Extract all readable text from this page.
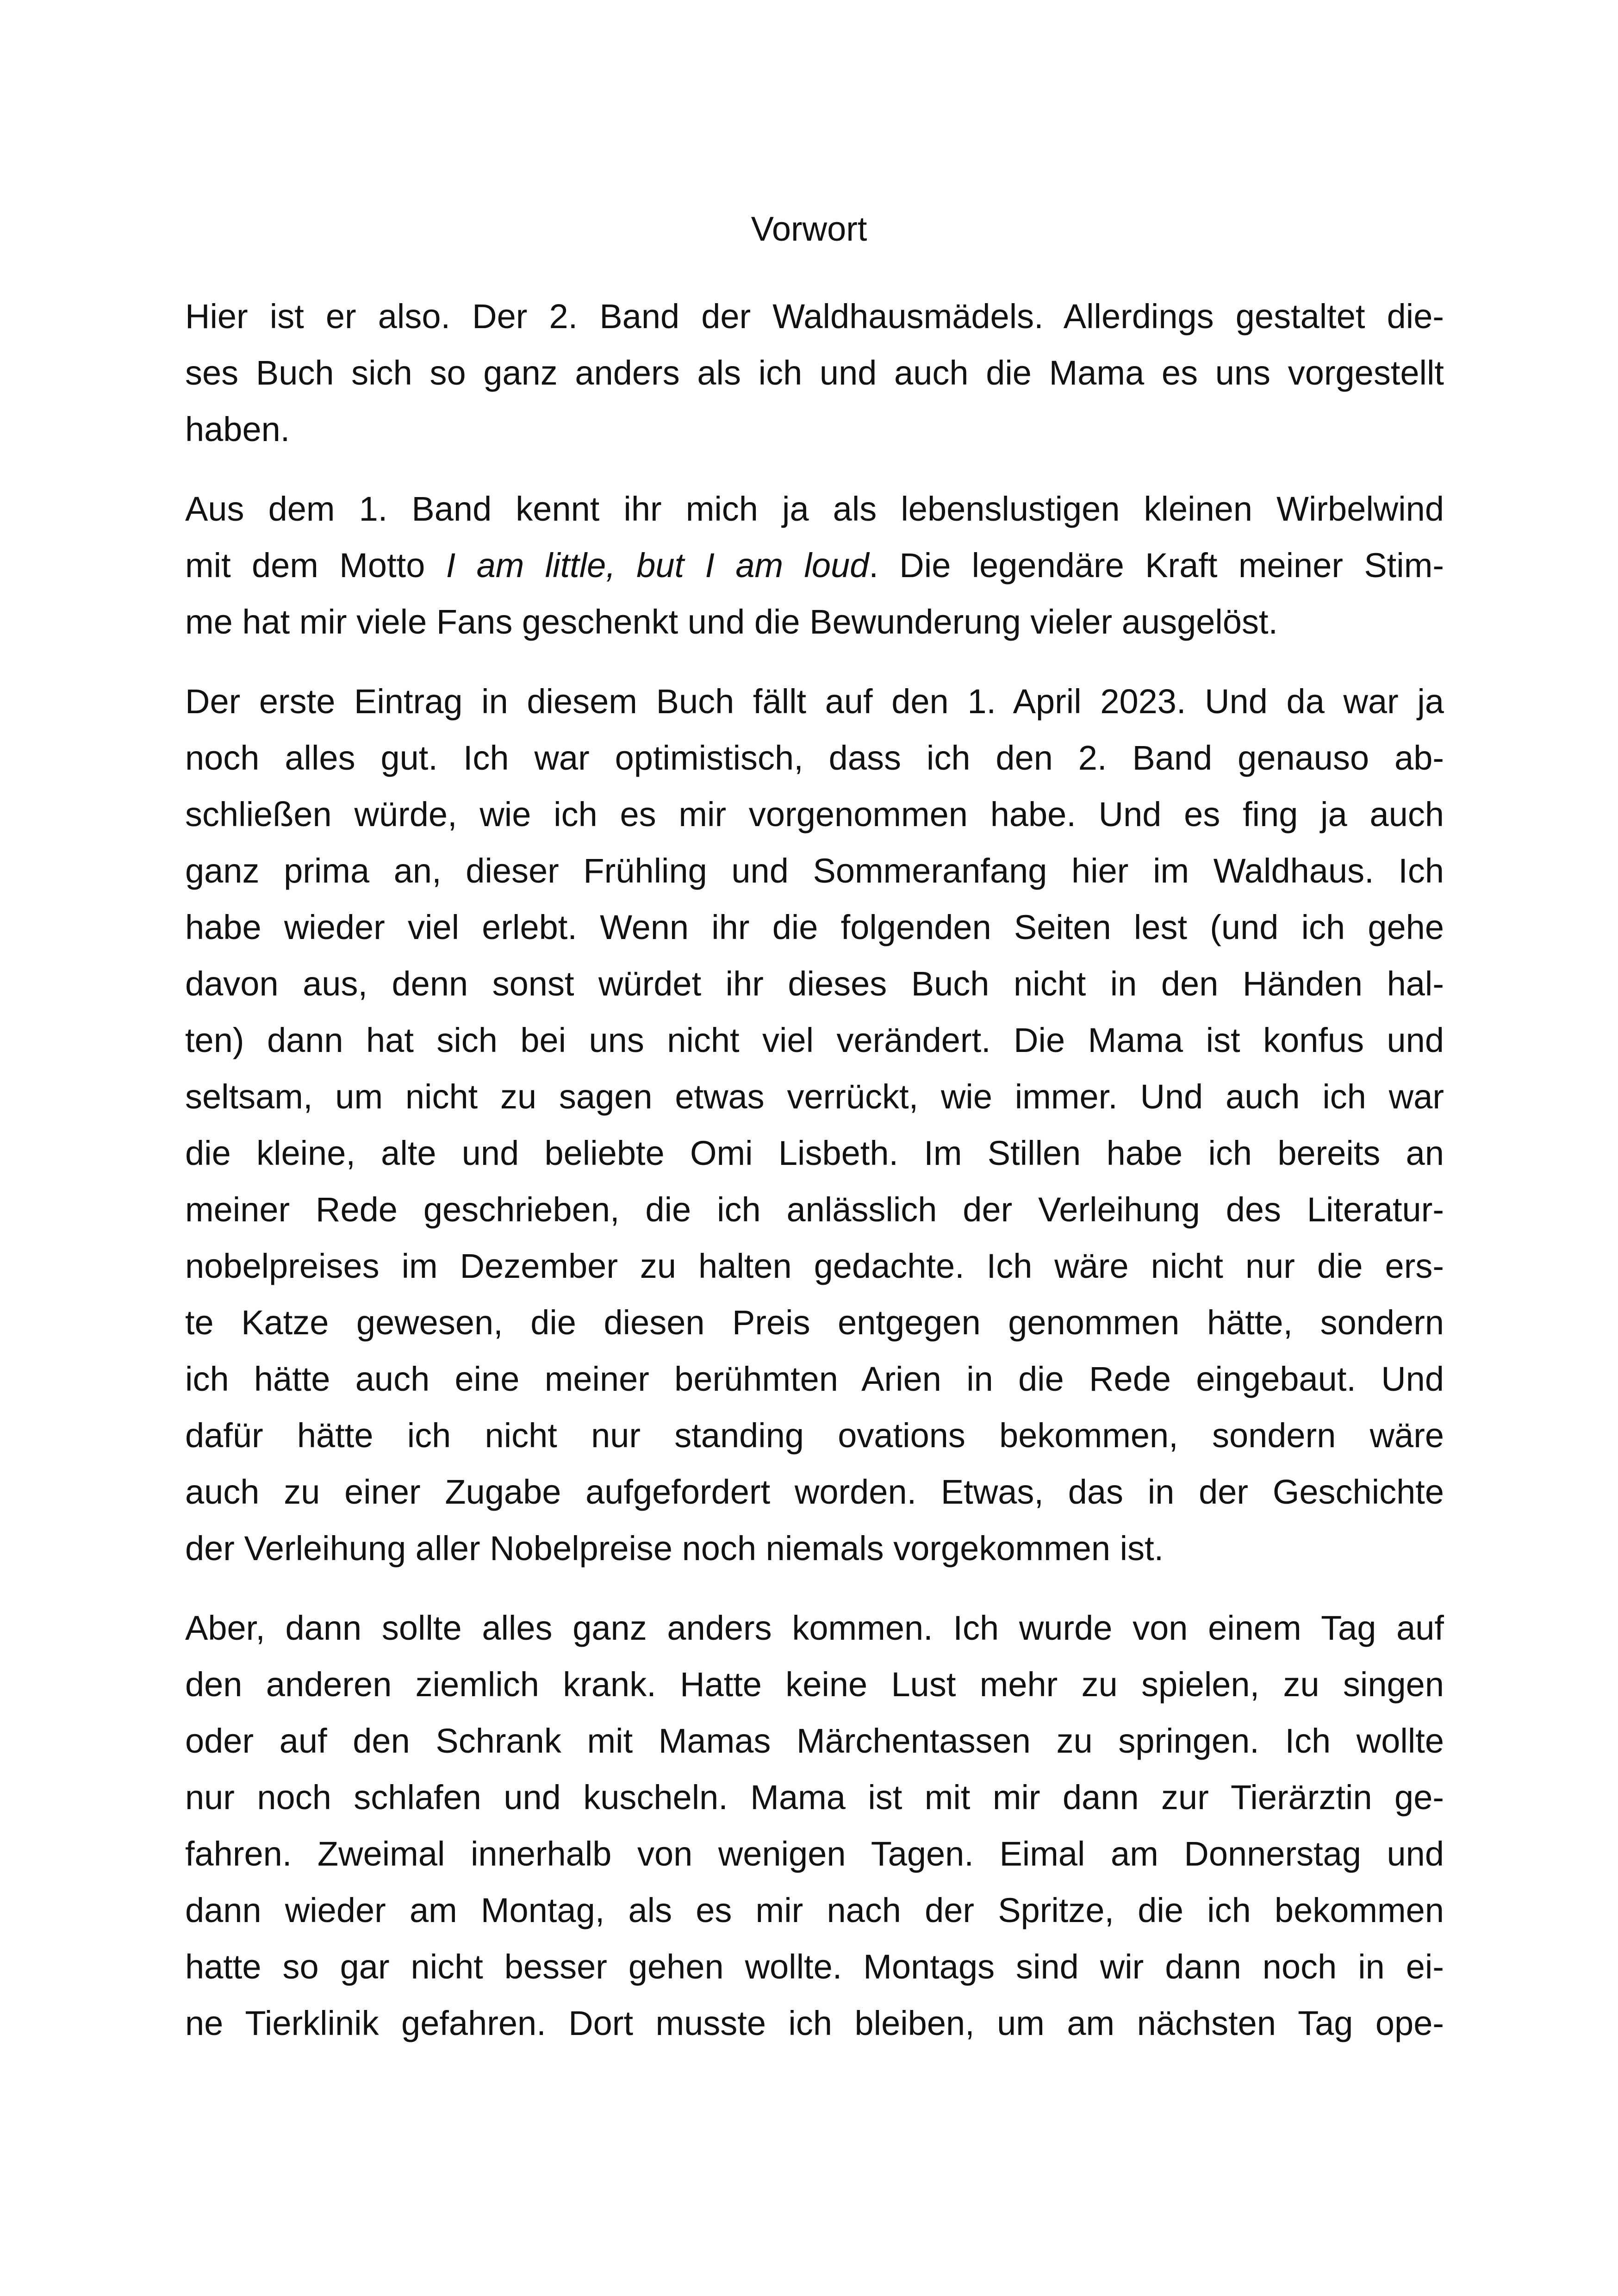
Vorwort
Hier ist er also. Der 2. Band der Waldhausmädels. Allerdings gestaltet die-
ses Buch sich so ganz anders als ich und auch die Mama es uns vorgestellt
haben.
Aus dem 1. Band kennt ihr mich ja als lebenslustigen kleinen Wirbelwind
mit dem Motto I am little, but I am loud. Die legendäre Kraft meiner Stim-
me hat mir viele Fans geschenkt und die Bewunderung vieler ausgelöst.
Der erste Eintrag in diesem Buch fällt auf den 1. April 2023. Und da war ja
noch alles gut. Ich war optimistisch, dass ich den 2. Band genauso ab-
schließen würde, wie ich es mir vorgenommen habe. Und es fing ja auch
ganz prima an, dieser Frühling und Sommeranfang hier im Waldhaus. Ich
habe wieder viel erlebt. Wenn ihr die folgenden Seiten lest (und ich gehe
davon aus, denn sonst würdet ihr dieses Buch nicht in den Händen hal-
ten) dann hat sich bei uns nicht viel verändert. Die Mama ist konfus und
seltsam, um nicht zu sagen etwas verrückt, wie immer. Und auch ich war
die kleine, alte und beliebte Omi Lisbeth. Im Stillen habe ich bereits an
meiner Rede geschrieben, die ich anlässlich der Verleihung des Literatur-
nobelpreises im Dezember zu halten gedachte. Ich wäre nicht nur die ers-
te Katze gewesen, die diesen Preis entgegen genommen hätte, sondern
ich hätte auch eine meiner berühmten Arien in die Rede eingebaut. Und
dafür hätte ich nicht nur standing ovations bekommen, sondern wäre
auch zu einer Zugabe aufgefordert worden. Etwas, das in der Geschichte
der Verleihung aller Nobelpreise noch niemals vorgekommen ist.
Aber, dann sollte alles ganz anders kommen. Ich wurde von einem Tag auf
den anderen ziemlich krank. Hatte keine Lust mehr zu spielen, zu singen
oder auf den Schrank mit Mamas Märchentassen zu springen. Ich wollte
nur noch schlafen und kuscheln. Mama ist mit mir dann zur Tierärztin ge-
fahren. Zweimal innerhalb von wenigen Tagen. Eimal am Donnerstag und
dann wieder am Montag, als es mir nach der Spritze, die ich bekommen
hatte so gar nicht besser gehen wollte. Montags sind wir dann noch in ei-
ne Tierklinik gefahren. Dort musste ich bleiben, um am nächsten Tag ope-
